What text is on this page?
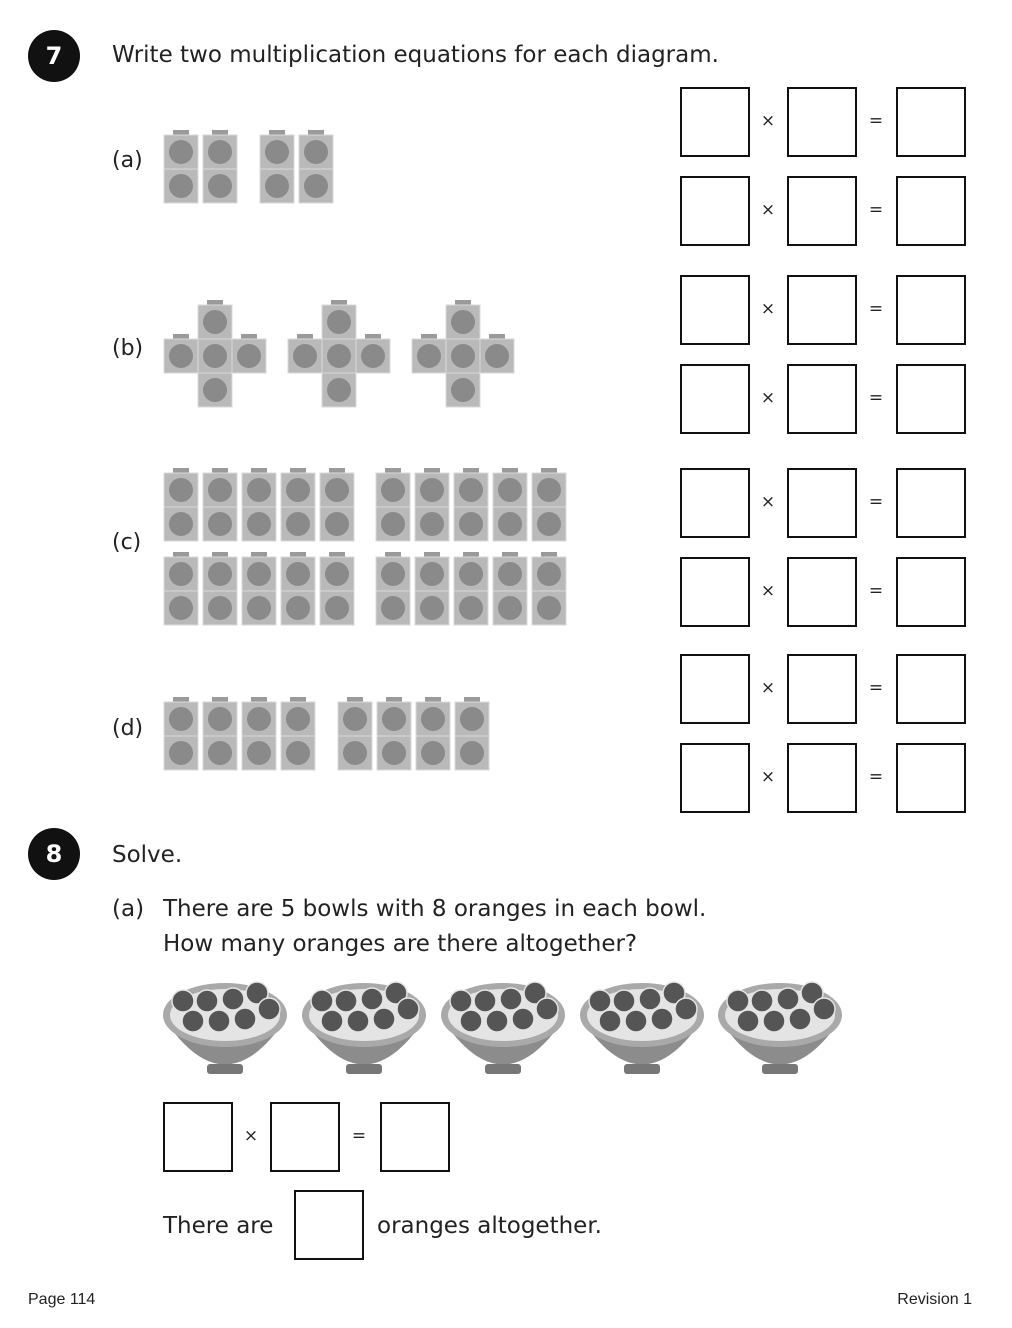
7	Write two multiplication equations for each diagram.
(a)
(b)
(c)
(d)
×	=
×	=
×	=
×	=
×	=
×	=
×	=
×	=
8	Solve.
(a) There are 5 bowls with 8 oranges in each bowl.
How many oranges are there altogether?
×	=
There are	oranges altogether.
Page 114	Revision 1
